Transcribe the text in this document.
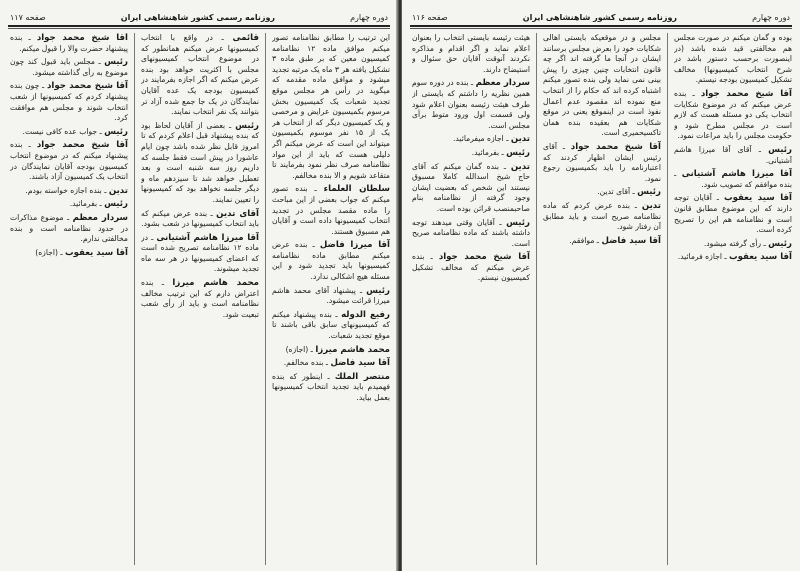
دوره چهارم
روزنامه رسمی کشور شاهنشاهی ایران
صفحه ۱۱۷

این ترتیب را مطابق نظامنامه تصور میکنم موافق ماده ۱۲ نظامنامه کمیسیون معین که بر طبق ماده ۳ تشکیل یافته هر ۳ ماه یک مرتبه تجدید میشود و موافق ماده مقدمه که میگوید در رأس هر مجلس موقع تجدید شعبات یک کمیسیون بخش مرسوم بکمیسیون عرایض و مرخصی و یک کمیسیون دیگر که از انتخاب هر یک از ۱۵ نفر موسوم بکمیسیون میتواند این است که عرض میکنم اگر دلیلی هست که باید از این مواد نظامنامه صرف نظر نمود بفرمایند تا متقاعد شویم و الا بنده مخالفم.

سلطان العلماء ـ بنده تصور میکنم که جواب بعضی از این مباحث را ماده مقصد مجلس در تجدید انتخاب کمیسیونها داده است و آقایان هم مسبوق هستند.

آقا میرزا فاضل ـ بنده عرض میکنم مطابق ماده نظامنامه کمیسیونها باید تجدید شود و این مسئله هیچ اشکالی ندارد.

رئیس ـ پیشنهاد آقای محمد هاشم میرزا قرائت میشود.

رفیع الدوله ـ بنده پیشنهاد میکنم که کمیسیونهای سابق باقی باشند تا موقع تجدید شعبات.

محمد هاشم میرزا ـ (اجازه)

آقا سید فاضل ـ بنده مخالفم.

منتصر الملك ـ اینطور که بنده فهمیدم باید تجدید انتخاب کمیسیونها بعمل بیاید.

قائمی ـ در واقع با انتخاب کمیسیونها عرض میکنم همانطور که در موضوع انتخاب کمیسیونهای مجلس با اکثریت خواهد بود بنده عرض میکنم که اگر اجازه بفرمایند در کمیسیون بودجه یک عده آقایان نمایندگان در یک جا جمع شده آزاد تر بتوانند یک نفر انتخاب نمایند.

رئیس ـ بعضی از آقایان لحاظ بود که بنده پیشنهاد قبل اعلام کردم که تا امروز قابل نظر شده باشد چون ایام عاشورا در پیش است فقط جلسه که داریم روز سه شنبه است و بعد تعطیل خواهد شد تا سیزدهم ماه و دیگر جلسه نخواهد بود که کمیسیونها را تعیین نمایند.

آقای تدین ـ بنده عرض میکنم که باید انتخاب کمیسیونها در شعب بشود.

آقا میرزا هاشم آشتیانی ـ در ماده ۱۲ نظامنامه تصریح شده است که اعضای کمیسیونها در هر سه ماه تجدید میشوند.

محمد هاشم میرزا ـ بنده اعتراض دارم که این ترتیب مخالف نظامنامه است و باید از رأی شعب تبعیت شود.

آقا شیخ محمد جواد ـ بنده پیشنهاد حضرت والا را قبول میکنم.

رئیس ـ مجلس باید قبول کند چون موضوع به رأی گذاشته میشود.

آقا شیخ محمد جواد ـ چون بنده پیشنهاد کردم که کمیسیونها از شعب انتخاب شوند و مجلس هم موافقت کرد.

رئیس ـ جواب عده کافی نیست.

آقا شیخ محمد جواد ـ بنده پیشنهاد میکنم که در موضوع انتخاب کمیسیون بودجه آقایان نمایندگان در انتخاب یک کمیسیون آزاد باشند.

تدین ـ بنده اجازه خواسته بودم.

رئیس ـ بفرمائید.

سردار معظم ـ موضوع مذاکرات در حدود نظامنامه است و بنده مخالفتی ندارم.

آقا سید یعقوب ـ (اجازه)

دوره چهارم
روزنامه رسمی کشور شاهنشاهی ایران
صفحه ۱۱۶

بوده و گمان میکنم در صورت مجلس هم مخالفتی قید شده باشد (در اینصورت برحسب دستور باشد در شرح انتخاب کمیسیونها) مخالف تشکیل کمیسیون بودجه نیستم.

آقا شیخ محمد جواد ـ بنده عرض میکنم که در موضوع شکایات انتخاب یکی دو مسئله هست که لازم است در مجلس مطرح شود و حکومت مجلس را باید مراعات نمود.

رئیس ـ آقای آقا میرزا هاشم آشتیانی.

آقا میرزا هاشم آشتیانی ـ بنده موافقم که تصویب شود.

آقا سید یعقوب ـ آقایان توجه دارند که این موضوع مطابق قانون است و نظامنامه هم این را تصریح کرده است.

رئیس ـ رأی گرفته میشود.

آقا سید یعقوب ـ اجازه فرمائید.

مجلس و در موقعیکه بایستی اهالی شکایات خود را بعرض مجلس برسانند ایشان در آنجا ما گرفته اند اگر چه قانون انتخابات چنین چیزی را پیش بینی نمی نماید ولی بنده تصور میکنم اشتباه کرده اند که حکام را از انتخاب منع نموده اند مقصود عدم اعمال نفوذ است در اینموقع یعنی در موقع شکایات هم بعقیده بنده همان تاکسیحمیری است.

آقا شیخ محمد جواد ـ آقای رئیس ایشان اظهار کردند که اعتبارنامه را باید بکمیسیون رجوع نمود.

رئیس ـ آقای تدین.

تدین ـ بنده عرض کردم که ماده نظامنامه صریح است و باید مطابق آن رفتار شود.

آقا سید فاضل ـ موافقم.

هیئت رئیسه بایستی انتخاب را بعنوان اعلام نماید و اگر اقدام و مذاکره نکردند آنوقت آقایان حق سئوال و استیضاح دارند.

سردار معظم ـ بنده در دوره سوم همین نظریه را داشتم که بایستی از طرف هیئت رئیسه بعنوان اعلام شود ولی قسمت اول ورود متوط برأی مجلس است.

تدین ـ اجازه میفرمائید.

رئیس ـ بفرمائید.

تدین ـ بنده گمان میکنم که آقای حاج شیخ اسدالله کاملا مسبوق نیستند این شخص که بعضیت ایشان وجود گرفته از نظامنامه بنام صاحبمنصب قرائن بوده است.

رئیس ـ آقایان وقتی میدهند توجه داشته باشند که ماده نظامنامه صریح است.

آقا شیخ محمد جواد ـ بنده عرض میکنم که مخالف تشکیل کمیسیون نیستم.
